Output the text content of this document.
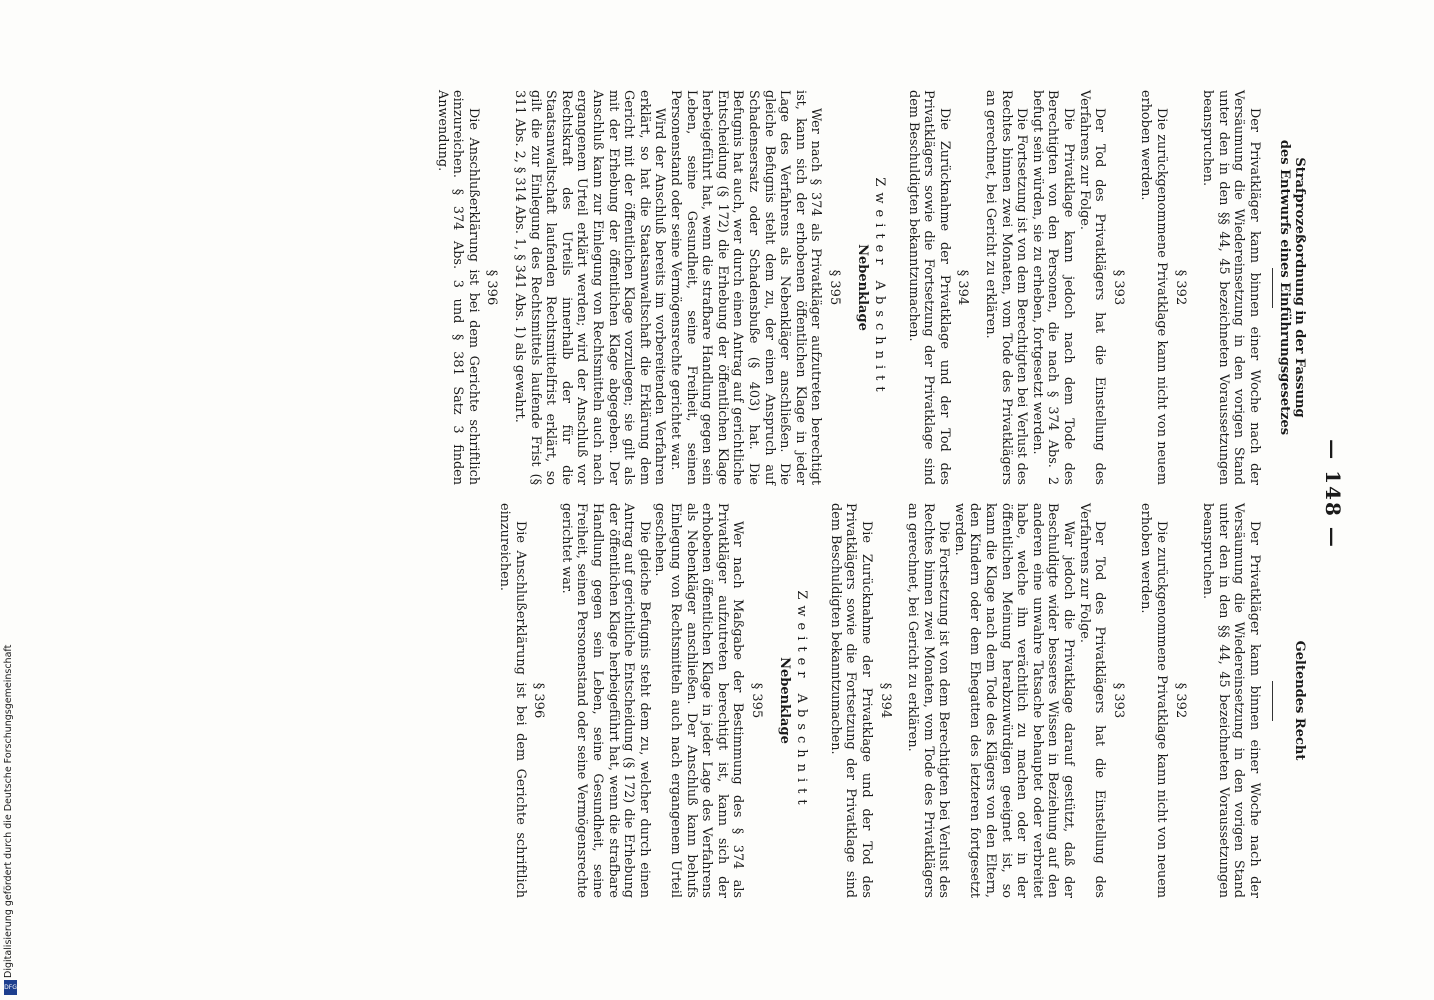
— 148 —
Strafprozeßordnung in der Fassung
des Entwurfs eines Einführungsgesetzes

Der Privatkläger kann binnen einer Woche nach der Versäumung die Wiedereinsetzung in den vorigen Stand unter den in den §§ 44, 45 bezeichneten Voraussetzungen beanspruchen.

§ 392

Die zurückgenommene Privatklage kann nicht von neuem erhoben werden.

§ 393

Der Tod des Privatklägers hat die Einstellung des Verfahrens zur Folge.

Die Privatklage kann jedoch nach dem Tode des Berechtigten von den Personen, die nach § 374 Abs. 2 befugt sein würden, sie zu erheben, fortgesetzt werden.

Die Fortsetzung ist von dem Berechtigten bei Verlust des Rechtes binnen zwei Monaten, vom Tode des Privatklägers an gerechnet, bei Gericht zu erklären.

§ 394

Die Zurücknahme der Privatklage und der Tod des Privatklägers sowie die Fortsetzung der Privatklage sind dem Beschuldigten bekanntzumachen.

Zweiter Abschnitt
Nebenklage
§ 395

Wer nach § 374 als Privatkläger aufzutreten berechtigt ist, kann sich der erhobenen öffentlichen Klage in jeder Lage des Verfahrens als Nebenkläger anschließen. Die gleiche Befugnis steht dem zu, der einen Anspruch auf Schadensersatz oder Schadensbuße (§ 403) hat. Die Befugnis hat auch, wer durch einen Antrag auf gerichtliche Entscheidung (§ 172) die Erhebung der öffentlichen Klage herbeigeführt hat, wenn die strafbare Handlung gegen sein Leben, seine Gesundheit, seine Freiheit, seinen Personenstand oder seine Vermögensrechte gerichtet war.

Wird der Anschluß bereits im vorbereitenden Verfahren erklärt, so hat die Staatsanwaltschaft die Erklärung dem Gericht mit der öffentlichen Klage vorzulegen; sie gilt als mit der Erhebung der öffentlichen Klage abgegeben. Der Anschluß kann zur Einlegung von Rechtsmitteln auch nach ergangenem Urteil erklärt werden; wird der Anschluß vor Rechtskraft des Urteils innerhalb der für die Staatsanwaltschaft laufenden Rechtsmittelfrist erklärt, so gilt die zur Einlegung des Rechtsmittels laufende Frist (§ 311 Abs. 2, § 314 Abs. 1, § 341 Abs. 1) als gewahrt.

§ 396

Die Anschlußerklärung ist bei dem Gerichte schriftlich einzureichen. § 374 Abs. 3 und § 381 Satz 3 finden Anwendung.

Geltendes Recht

Der Privatkläger kann binnen einer Woche nach der Versäumung die Wiedereinsetzung in den vorigen Stand unter den in den §§ 44, 45 bezeichneten Voraussetzungen beanspruchen.

§ 392

Die zurückgenommene Privatklage kann nicht von neuem erhoben werden.

§ 393

Der Tod des Privatklägers hat die Einstellung des Verfahrens zur Folge.

War jedoch die Privatklage darauf gestützt, daß der Beschuldigte wider besseres Wissen in Beziehung auf den anderen eine unwahre Tatsache behauptet oder verbreitet habe, welche ihn verächtlich zu machen oder in der öffentlichen Meinung herabzuwürdigen geeignet ist, so kann die Klage nach dem Tode des Klägers von den Eltern, den Kindern oder dem Ehegatten des letzteren fortgesetzt werden.

Die Fortsetzung ist von dem Berechtigten bei Verlust des Rechtes binnen zwei Monaten, vom Tode des Privatklägers an gerechnet, bei Gericht zu erklären.

§ 394

Die Zurücknahme der Privatklage und der Tod des Privatklägers sowie die Fortsetzung der Privatklage sind dem Beschuldigten bekanntzumachen.

Zweiter Abschnitt
Nebenklage
§ 395

Wer nach Maßgabe der Bestimmung des § 374 als Privatkläger aufzutreten berechtigt ist, kann sich der erhobenen öffentlichen Klage in jeder Lage des Verfahrens als Nebenkläger anschließen. Der Anschluß kann behufs Einlegung von Rechtsmitteln auch nach ergangenem Urteil geschehen.

Die gleiche Befugnis steht dem zu, welcher durch einen Antrag auf gerichtliche Entscheidung (§ 172) die Erhebung der öffentlichen Klage herbeigeführt hat, wenn die strafbare Handlung gegen sein Leben, seine Gesundheit, seine Freiheit, seinen Personenstand oder seine Vermögensrechte gerichtet war.

§ 396

Die Anschlußerklärung ist bei dem Gerichte schriftlich einzureichen.

Digitalisierung gefördert durch die Deutsche Forschungsgemeinschaft
DFG
